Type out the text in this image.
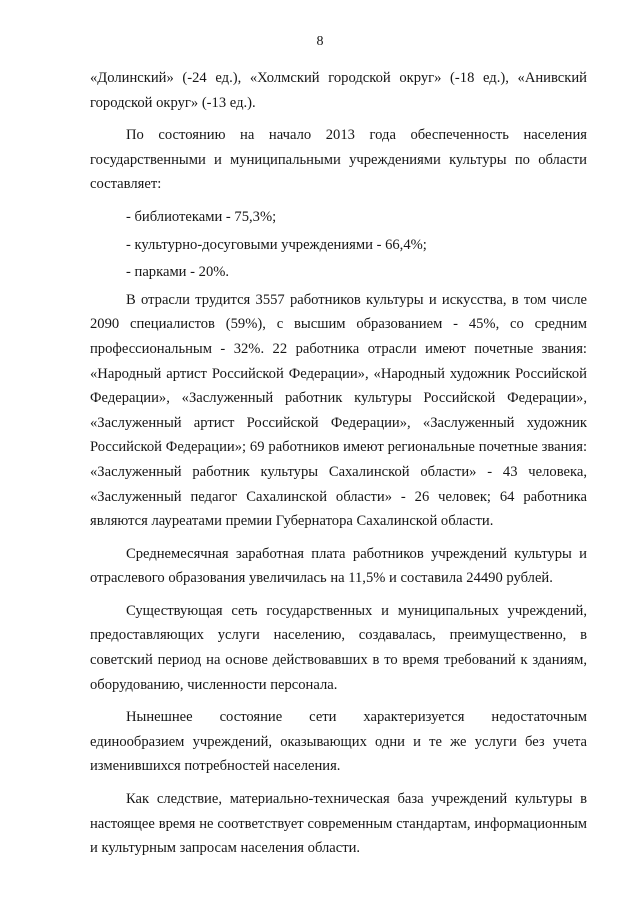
8

«Долинский» (-24 ед.), «Холмский городской округ» (-18 ед.), «Анивский городской округ» (-13 ед.).

По состоянию на начало 2013 года обеспеченность населения государственными и муниципальными учреждениями культуры по области составляет:

- библиотеками - 75,3%;

- культурно-досуговыми учреждениями - 66,4%;

- парками - 20%.

В отрасли трудится 3557 работников культуры и искусства, в том числе 2090 специалистов (59%), с высшим образованием - 45%, со средним профессиональным - 32%. 22 работника отрасли имеют почетные звания: «Народный артист Российской Федерации», «Народный художник Российской Федерации», «Заслуженный работник культуры Российской Федерации», «Заслуженный артист Российской Федерации», «Заслуженный художник Российской Федерации»; 69 работников имеют региональные почетные звания: «Заслуженный работник культуры Сахалинской области» - 43 человека, «Заслуженный педагог Сахалинской области» - 26 человек; 64 работника являются лауреатами премии Губернатора Сахалинской области.

Среднемесячная заработная плата работников учреждений культуры и отраслевого образования увеличилась на 11,5% и составила 24490 рублей.

Существующая сеть государственных и муниципальных учреждений, предоставляющих услуги населению, создавалась, преимущественно, в советский период на основе действовавших в то время требований к зданиям, оборудованию, численности персонала.

Нынешнее состояние сети характеризуется недостаточным единообразием учреждений, оказывающих одни и те же услуги без учета изменившихся потребностей населения.

Как следствие, материально-техническая база учреждений культуры в настоящее время не соответствует современным стандартам, информационным и культурным запросам населения области.
